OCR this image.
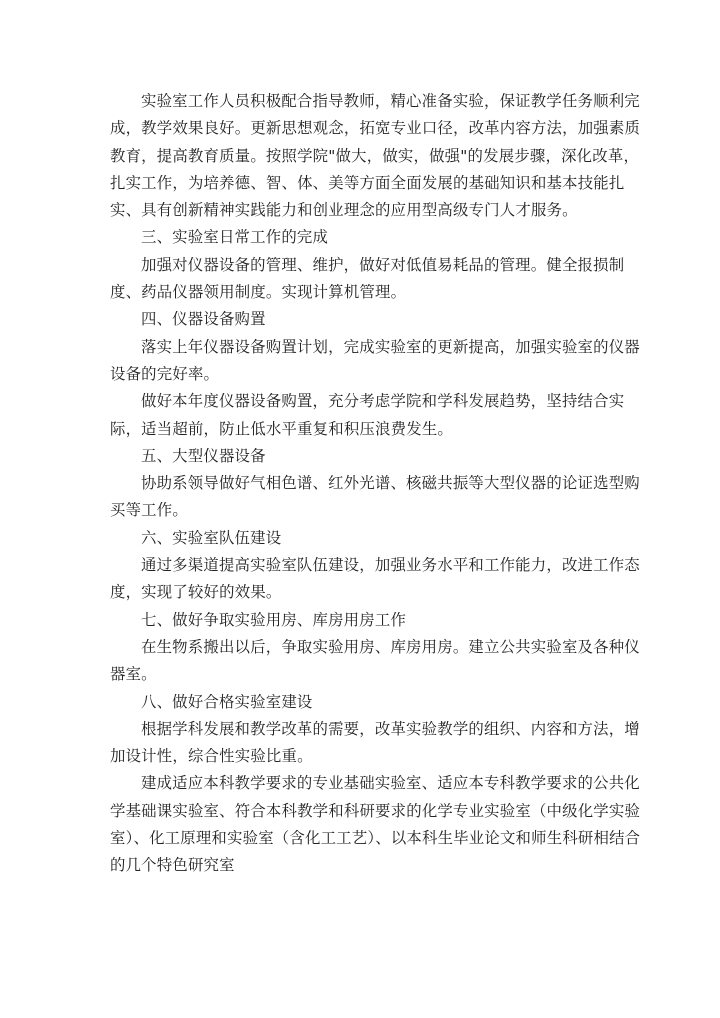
实验室工作人员积极配合指导教师，精心准备实验，保证教学任务顺利完
成，教学效果良好。更新思想观念，拓宽专业口径，改革内容方法，加强素质
教育，提高教育质量。按照学院"做大，做实，做强"的发展步骤，深化改革，
扎实工作，为培养德、智、体、美等方面全面发展的基础知识和基本技能扎
实、具有创新精神实践能力和创业理念的应用型高级专门人才服务。
三、实验室日常工作的完成
加强对仪器设备的管理、维护，做好对低值易耗品的管理。健全报损制
度、药品仪器领用制度。实现计算机管理。
四、仪器设备购置
落实上年仪器设备购置计划，完成实验室的更新提高，加强实验室的仪器
设备的完好率。
做好本年度仪器设备购置，充分考虑学院和学科发展趋势，坚持结合实
际，适当超前，防止低水平重复和积压浪费发生。
五、大型仪器设备
协助系领导做好气相色谱、红外光谱、核磁共振等大型仪器的论证选型购
买等工作。
六、实验室队伍建设
通过多渠道提高实验室队伍建设，加强业务水平和工作能力，改进工作态
度，实现了较好的效果。
七、做好争取实验用房、库房用房工作
在生物系搬出以后，争取实验用房、库房用房。建立公共实验室及各种仪
器室。
八、做好合格实验室建设
根据学科发展和教学改革的需要，改革实验教学的组织、内容和方法，增
加设计性，综合性实验比重。
建成适应本科教学要求的专业基础实验室、适应本专科教学要求的公共化
学基础课实验室、符合本科教学和科研要求的化学专业实验室（中级化学实验
室）、化工原理和实验室（含化工工艺）、以本科生毕业论文和师生科研相结合
的几个特色研究室
